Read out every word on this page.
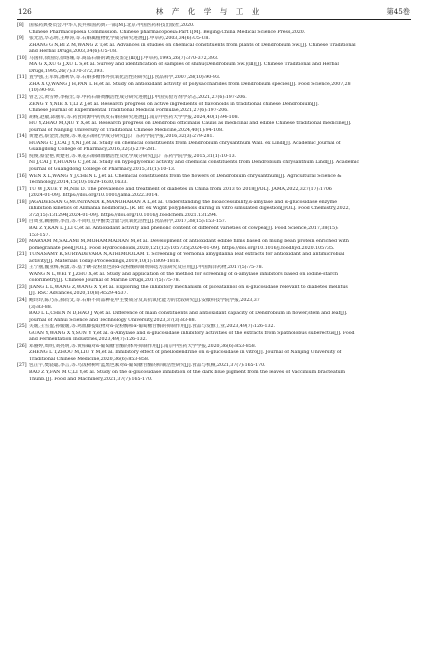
126	林 产 化 学 与 工 业	第45卷
[8]	国家药典委员会.中华人民共和国药典:一部[M].北京:中国医药科技出版社,2020.
Chinese Pharmacopoeia Commission. Chinese pharmacopoeia:Part Ⅰ[M]. Beijing:China Medical Science Press,2020.
[9]	张光浩,毕志明,王峥涛,等.石斛属植物化学成分研究进展[J].中草药,2003,34(6):U5-U8.
ZHANG G N,BI Z M,WANG Z T,et al. Advances in studies on chemical constituents from plants of Dendrobium Sw.[J]. Chinese Traditional
and Herbal Drugs,2003,34(6):U5-U8.
[10] 马国祥,徐国钧,徐珞珊,等.商品石斛的调查及鉴定(Ⅲ)[J].中草药,1995,26(7):370-372,393.
MA G X,XU G J,XU L S,et al. Survey and identification of samples of shihu(Dendrobium Sw.)(Ⅲ)[J]. Chinese Traditional and Herbal
Drugs,1995,26(7):370-372,393.
[11] 査学强,王军辉,潘利华,等.石斛多糖体外抗氧化活性的研究[J].食品科学,2007,28(10):90-93.
ZHA X Q,WANG J H,PAN L H,et al. Study on antioxidant activity of polysaccharides from Dendrobium species[J]. Food Science,2007,28
(10):90-93.
[12] 曾艺云,黄雪婷,李振宏,等.中药石斛黄酮活性成分研究进展[J].中国实验方剂学杂志,2021,27(6):197-206.
ZENG Y Y,NIE X T,LI Z J,et al. Research progress on active ingredients of flavonoids in traditional chinese Dendrobium[J].
Chinese Journal of Experimental Traditional Medical Formulae,2021,27(6):197-206.
[13] 胡杨,赵敏,邱丽军,等.药食同源中药铁皮石斛的研究进展[J].南京中医药大学学报,2024,40(1):94-108.
HU Y,ZHAO M,QIU Y X,et al. Research progress on Dendrobii officinalis Caulis as medicinal and edible Chinese traditional medicine[J].
Journal of Nanjing University of Traditional Chinese Medicine,2024,40(1):94-108.
[14] 黄楚君,蔡金贵,倪俊,等.束花石斛化学成分研究[J].广东药学院学报,2016,32(3):279-281.
HUANG C J,CAI J Y,NI J,et al. Study on chemical constituents from Dendrobium chrysanthum Wall. ex Lindl[J]. Academic Journal of
Guangdong College of Pharmacy,2016,32(3):279-281.
[15] 倪俊,蔡金艳,黄楚君,等.束花石斛降血糖活性及化学成分研究[J].广东药学院学报,2015,31(1):10-13.
NI J,CAI J Y,HUANG C J,et al. Study on hypoglycemic activity and chemical constituents from Dendrobium chrysanthum Lindl[J]. Academic
Journal of Guangdong College of Pharmacy,2015,31(1):10-13.
[16] WEN X L,WANG Y J,CHEN L J,et al. Chemical constituents from the flowers of Dendrobium chrysanthum[J]. Agricultural Science &
Technology,2014,15(10):1629-1630,1633.
[17] TU W J,XUE Y M,NIE D. The prevalence and treatment of diabetes in China from 2013 to 2018[J/OL]. JAMA,2022,327(17):1706
[2024-01-09]. https://doi.org/10.1001/jama.2022.3014.
[18] JAGADEESAN G,MUNIYANDI K,MANOHARAN A L,et al. Understanding the bioaccessibility,α-amylase and α-glucosidase enzyme
inhibition kinetics of Allmania nodiflora(L.)R. Br. ex Wight polyphenols during in vitro simulated digestion[J/OL]. Food Chemistry,2022,
372(15):131294[2024-01-09]. https://doi.org/10.1016/j.foodchem.2021.131294.
[19] 白周亚,阚丽娇,李昌,等.不同红豆中酚类含量与抗氧化活性[J].食品科学,2017,38(15):153-157.
BAI Z Y,KAN L J,LI C,et al. Antioxidant activity and phenolic content of different varieties of cowpea[J]. Food Science,2017,38(15):
153-157.
[20] MARYAM M,SALAMI M,MOHAMMADIAN M,et al. Development of antioxidant edible films based on mung bean protein enriched with
pomegranate peel[J/OL]. Food Hydrocolloids,2020,121(12):105735[2024-01-09]. https://doi.org/10.1016/j.foodhyd.2020.105735.
[21] TUNASAMY K,SURYADEVARA N,ATHIMOOLAM T. Screening of Vernonia amygdalina leaf extracts for antioxidant and antimicrobial
activity[J]. Materials Today:Proceedings,2019,10(1):1809-1818.
[22] 王宁丽,魏亚梅,祝潇,等.基于碘-淀粉显色的α-淀粉酶抑制剂筛选方法研究及应用[J].中国海洋药物,2017(5):75-78.
WANG N L,WEI Y J,ZHU X,et al. Study and application of the method for screening of α-amylase inhibitors based on iodine-starch
colorimetry[J]. Chinese Journal of Marine Drugs,2017(5):75-78.
[23] JIANG L L,WANG Z,WANG X Y,et al. Exploring the inhibitory mechanism of piceatannol on α-glucosidase relevant to diabetes mellitus
[J]. RSC Advances,2020,10(8):4529-4537.
[24] 鲍玲玲,陈乃东,郝钧文,等.石斛不同品种花中主要成分及其抗氧化能力的比较研究[J].安徽科技学院学报,2023,37
(3):83-88.
BAO L L,CHEN N D,HAO J W,et al. Difference of main constituents and antioxidant capacity of Dendrobium in flower,stem and leaf[J].
Journal of Anhui Science and Technology University,2023,37(3):83-88.
[25] 关媛,王雪盈,孙媛媛,等.鸡血藤提取物对α-淀粉酶和α-葡萄糖苷酶的抑制作用[J].食品与发酵工业,2023,49(7):126-132.
GUAN Y,WANG X Y,SUN Y Y,et al. α-Amylase and α-glucosidase inhibitory activities of the extracts from Spatholobus suberectus[J]. Food
and Fermentation Industries,2023,49(7):126-132.
[26] 邓丽婷,周明,刘亮明,等.黄柏碱对α-葡萄糖苷酶的体外抑制作用[J].南京中医药大学学报,2020,36(6):853-858.
ZHENG L T,ZHOU M,LIU Y M,et al. Inhibitory effect of phellodendrine on α-glucosidase in vitro[J]. Journal of Nanjing University of
Traditional Chinese Medicine,2020,36(6):853-858.
[27] 包正宇,樊骁聪,李言,等.乌饭树树叶蓝黑色素对α-葡萄糖苷酶的抑制活性研究[J].食品与机械,2021,37(7):165-170.
BAO Z Y,FAN M C,LI Y,et al. Study on the α-glucosidase inhibition of the dark blue pigment from the leaves of Vaccinium bracteatum
Thunb.[J]. Food and Machinery,2021,37(7):165-170.
